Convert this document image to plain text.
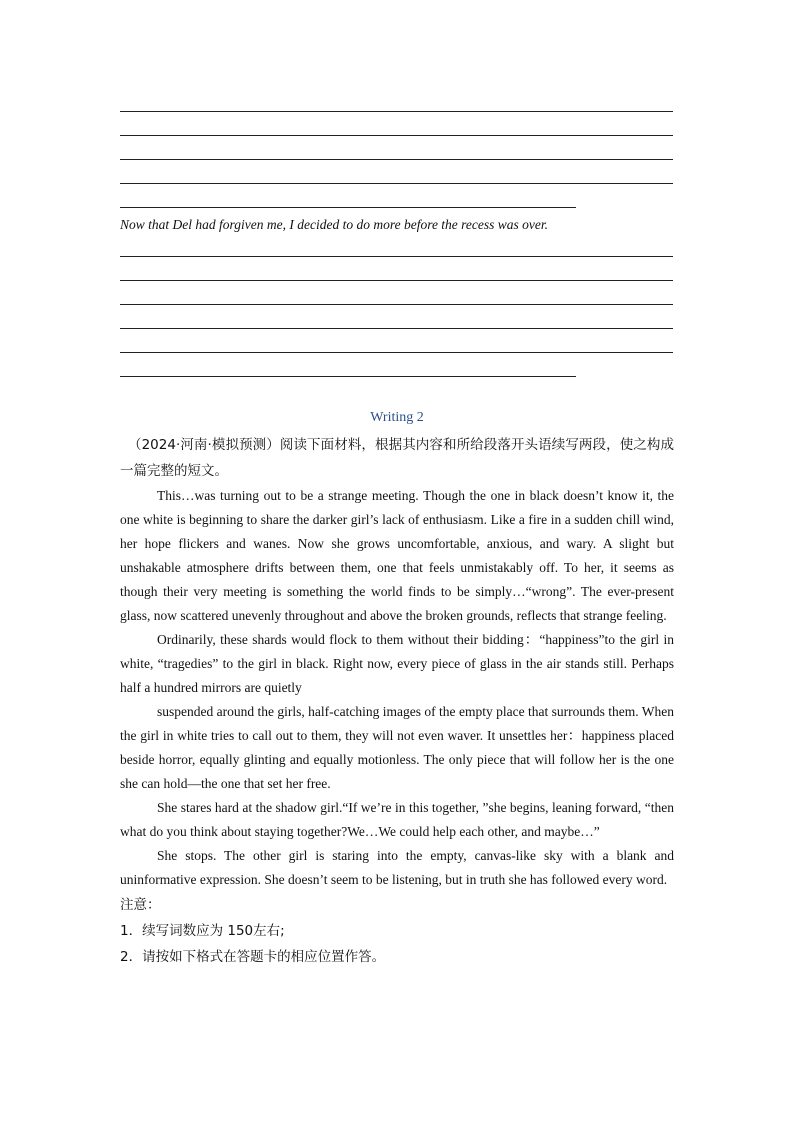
Now that Del had forgiven me, I decided to do more before the recess was over.
Writing 2

（2024·河南·模拟预测）阅读下面材料，根据其内容和所给段落开头语续写两段，使之构成一篇完整的短文。

This…was turning out to be a strange meeting. Though the one in black doesn’t know it, the one white is beginning to share the darker girl’s lack of enthusiasm. Like a fire in a sudden chill wind, her hope flickers and wanes. Now she grows uncomfortable, anxious, and wary. A slight but unshakable atmosphere drifts between them, one that feels unmistakably off. To her, it seems as though their very meeting is something the world finds to be simply…“wrong”. The ever-present glass, now scattered unevenly throughout and above the broken grounds, reflects that strange feeling.

Ordinarily, these shards would flock to them without their bidding：“happiness”to the girl in white, “tragedies” to the girl in black. Right now, every piece of glass in the air stands still. Perhaps half a hundred mirrors are quietly

suspended around the girls, half-catching images of the empty place that surrounds them. When the girl in white tries to call out to them, they will not even waver. It unsettles her：happiness placed beside horror, equally glinting and equally motionless. The only piece that will follow her is the one she can hold—the one that set her free.

She stares hard at the shadow girl.“If we’re in this together, ”she begins, leaning forward, “then what do you think about staying together?We…We could help each other, and maybe…”

She stops. The other girl is staring into the empty, canvas-like sky with a blank and uninformative expression. She doesn’t seem to be listening, but in truth she has followed every word.

注意：

1．续写词数应为 150左右;

2．请按如下格式在答题卡的相应位置作答。
